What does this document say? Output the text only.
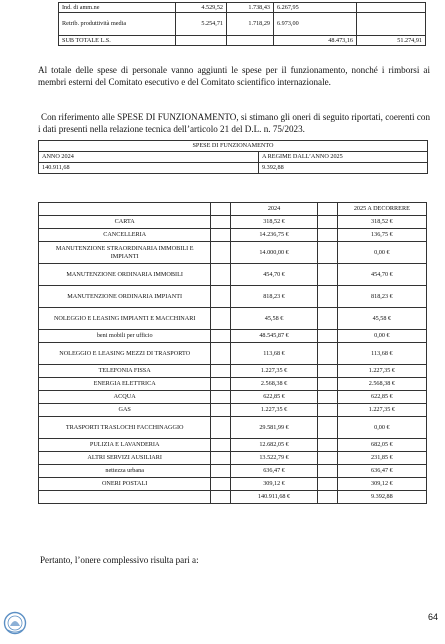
Ind. di amm.ne	4.529,52	1.738,43	6.267,95	
Retrib. produttività media	5.254,71	1.718,29	6.973,00	
SUB TOTALE L.S.			48.473,16	51.274,91

Al totale delle spese di personale vanno aggiunti le spese per il funzionamento, nonché i rimborsi ai membri esterni del Comitato esecutivo e del Comitato scientifico internazionale.

Con riferimento alle SPESE DI FUNZIONAMENTO, si stimano gli oneri di seguito riportati, coerenti con i dati presenti nella relazione tecnica dell’articolo 21 del D.L. n. 75/2023.

SPESE DI FUNZIONAMENTO	
ANNO 2024	A REGIME DALL’ANNO 2025
140.911,68	9.392,88
		2024		2025 A DECORRERE
CARTA		318,52 €		318,52 €
CANCELLERIA		14.236,75 €		136,75 €
MANUTENZIONE STRAORDINARIA IMMOBILI E IMPIANTI		14.000,00 €		0,00 €
MANUTENZIONE ORDINARIA IMMOBILI		454,70 €		454,70 €
MANUTENZIONE ORDINARIA IMPIANTI		818,23 €		818,23 €
NOLEGGIO E LEASING IMPIANTI E MACCHINARI		45,58 €		45,58 €
beni mobili per ufficio		48.545,87 €		0,00 €
NOLEGGIO E LEASING MEZZI DI TRASPORTO		113,68 €		113,68 €
TELEFONIA FISSA		1.227,35 €		1.227,35 €
ENERGIA ELETTRICA		2.568,38 €		2.568,38 €
ACQUA		622,85 €		622,85 €
GAS		1.227,35 €		1.227,35 €
TRASPORTI TRASLOCHI FACCHINAGGIO		29.581,99 €		0,00 €
PULIZIA E LAVANDERIA		12.682,05 €		682,05 €
ALTRI SERVIZI AUSILIARI		13.522,79 €		231,85 €
nettezza urbana		636,47 €		636,47 €
ONERI POSTALI		309,12 €		309,12 €
		140.911,68 €		9.392,88

Pertanto, l’onere complessivo risulta pari a:

64
